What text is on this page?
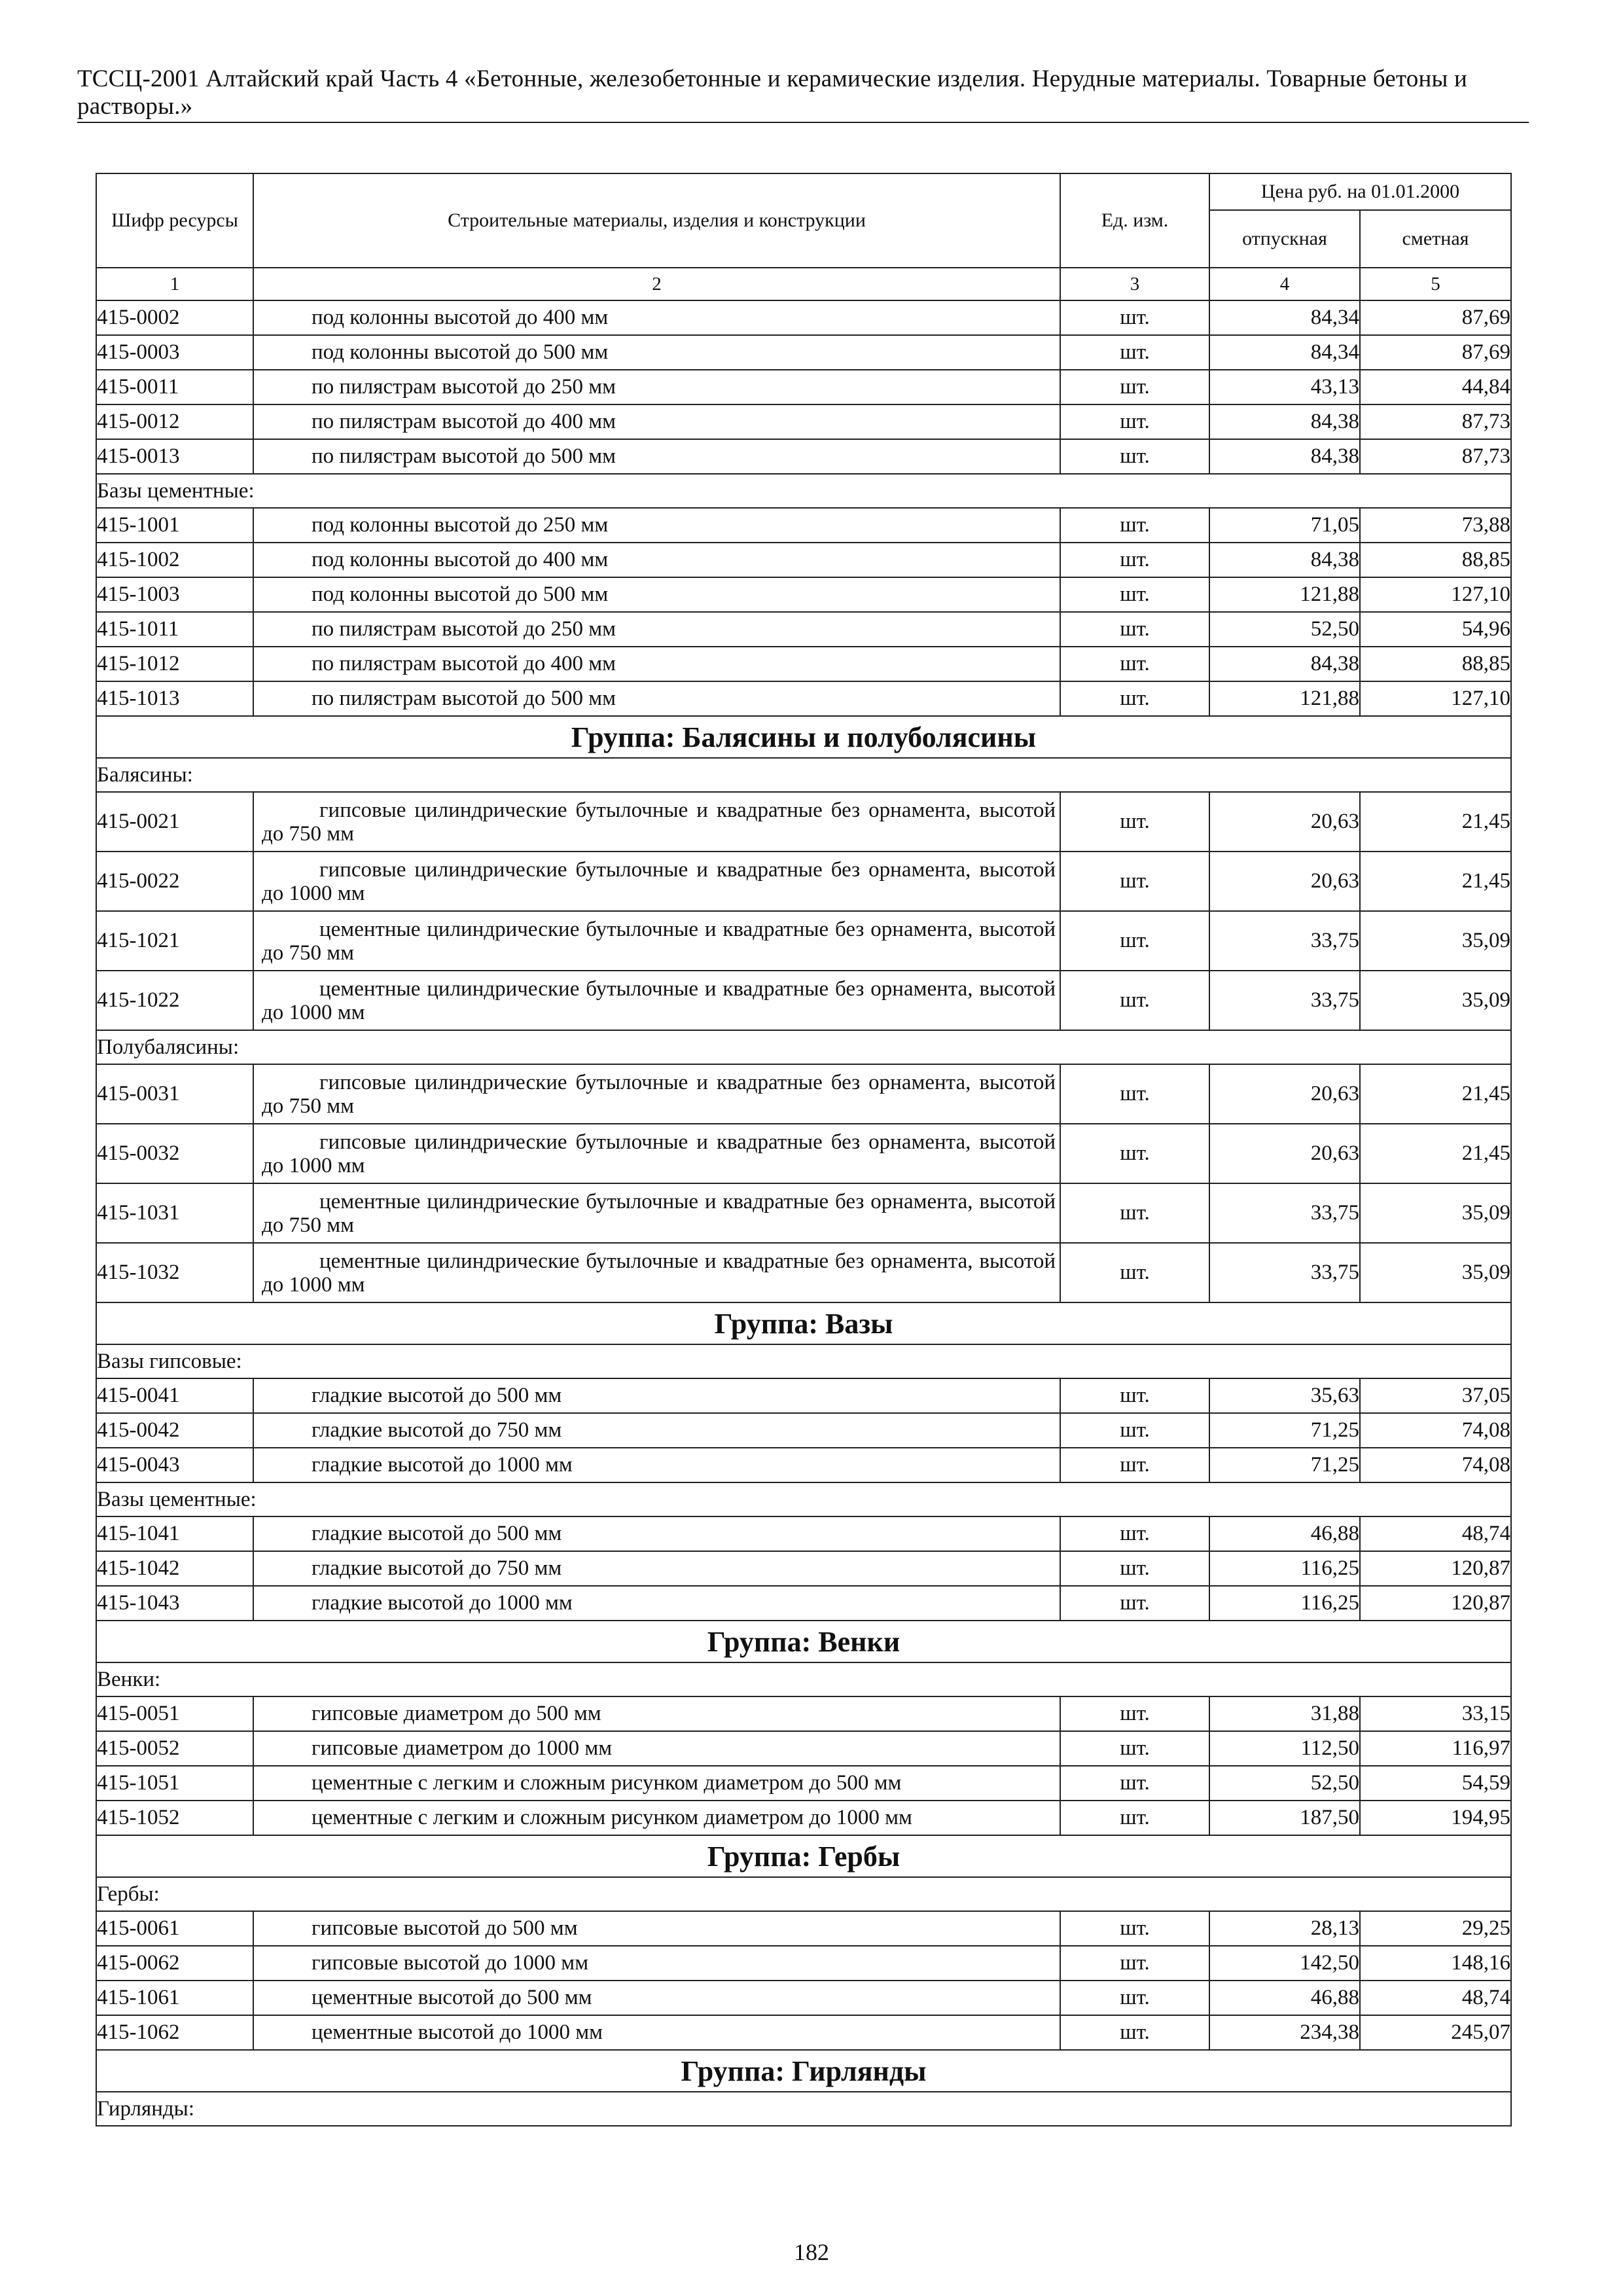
ТССЦ-2001 Алтайский край Часть 4 «Бетонные, железобетонные и керамические изделия. Нерудные материалы. Товарные бетоны и растворы.»
Шифр ресурсы	Строительные материалы, изделия и конструкции	Ед. изм.	Цена руб. на 01.01.2000	
			отпускная	сметная
1	2	3	4	5
415-0002	под колонны высотой до 400 мм	шт.	84,34	87,69
415-0003	под колонны высотой до 500 мм	шт.	84,34	87,69
415-0011	по пилястрам высотой до 250 мм	шт.	43,13	44,84
415-0012	по пилястрам высотой до 400 мм	шт.	84,38	87,73
415-0013	по пилястрам высотой до 500 мм	шт.	84,38	87,73
Базы цементные:				
415-1001	под колонны высотой до 250 мм	шт.	71,05	73,88
415-1002	под колонны высотой до 400 мм	шт.	84,38	88,85
415-1003	под колонны высотой до 500 мм	шт.	121,88	127,10
415-1011	по пилястрам высотой до 250 мм	шт.	52,50	54,96
415-1012	по пилястрам высотой до 400 мм	шт.	84,38	88,85
415-1013	по пилястрам высотой до 500 мм	шт.	121,88	127,10
Группа: Балясины и полуболясины				
Балясины:				
415-0021	гипсовые цилиндрические бутылочные и квадратные без орнамента, высотой до 750 мм	шт.	20,63	21,45
415-0022	гипсовые цилиндрические бутылочные и квадратные без орнамента, высотой до 1000 мм	шт.	20,63	21,45
415-1021	цементные цилиндрические бутылочные и квадратные без орнамента, высотой до 750 мм	шт.	33,75	35,09
415-1022	цементные цилиндрические бутылочные и квадратные без орнамента, высотой до 1000 мм	шт.	33,75	35,09
Полубалясины:				
415-0031	гипсовые цилиндрические бутылочные и квадратные без орнамента, высотой до 750 мм	шт.	20,63	21,45
415-0032	гипсовые цилиндрические бутылочные и квадратные без орнамента, высотой до 1000 мм	шт.	20,63	21,45
415-1031	цементные цилиндрические бутылочные и квадратные без орнамента, высотой до 750 мм	шт.	33,75	35,09
415-1032	цементные цилиндрические бутылочные и квадратные без орнамента, высотой до 1000 мм	шт.	33,75	35,09
Группа: Вазы				
Вазы гипсовые:				
415-0041	гладкие высотой до 500 мм	шт.	35,63	37,05
415-0042	гладкие высотой до 750 мм	шт.	71,25	74,08
415-0043	гладкие высотой до 1000 мм	шт.	71,25	74,08
Вазы цементные:				
415-1041	гладкие высотой до 500 мм	шт.	46,88	48,74
415-1042	гладкие высотой до 750 мм	шт.	116,25	120,87
415-1043	гладкие высотой до 1000 мм	шт.	116,25	120,87
Группа: Венки				
Венки:				
415-0051	гипсовые диаметром до 500 мм	шт.	31,88	33,15
415-0052	гипсовые диаметром до 1000 мм	шт.	112,50	116,97
415-1051	цементные с легким и сложным рисунком диаметром до 500 мм	шт.	52,50	54,59
415-1052	цементные с легким и сложным рисунком диаметром до 1000 мм	шт.	187,50	194,95
Группа: Гербы				
Гербы:				
415-0061	гипсовые высотой до 500 мм	шт.	28,13	29,25
415-0062	гипсовые высотой до 1000 мм	шт.	142,50	148,16
415-1061	цементные высотой до 500 мм	шт.	46,88	48,74
415-1062	цементные высотой до 1000 мм	шт.	234,38	245,07
Группа: Гирлянды				
Гирлянды:				
182
